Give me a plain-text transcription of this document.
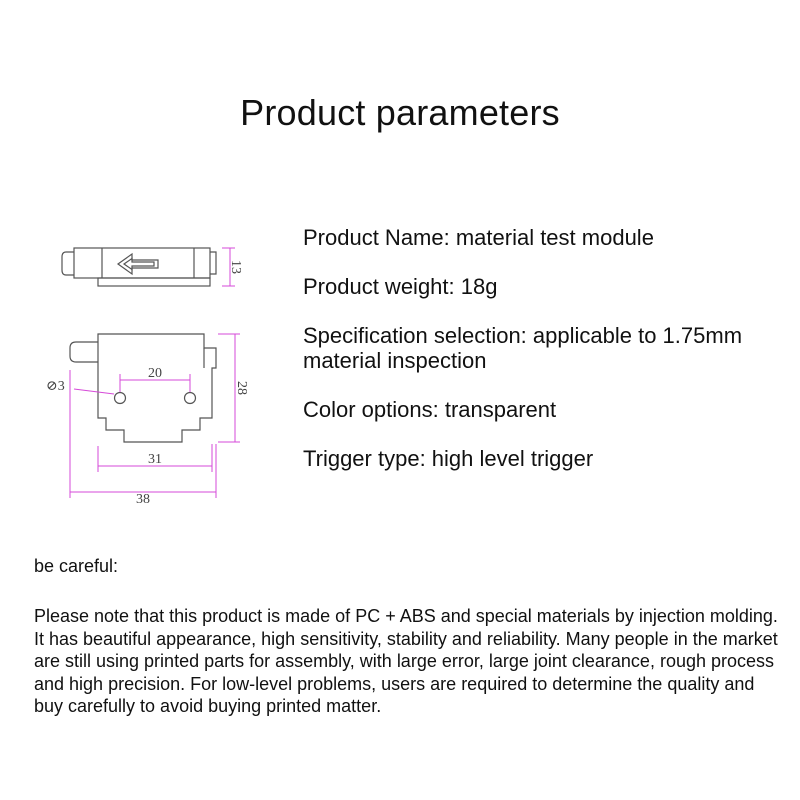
Product parameters
13
20
⊘3	28
31
38
Product Name: material test module
Product weight: 18g
Specification selection: applicable to 1.75mm material inspection
Color options: transparent
Trigger type: high level trigger
be careful:
Please note that this product is made of PC + ABS and special materials by injection molding. It has beautiful appearance, high sensitivity, stability and reliability. Many people in the market are still using printed parts for assembly, with large error, large joint clearance, rough process and high precision. For low-level problems, users are required to determine the quality and buy carefully to avoid buying printed matter.
